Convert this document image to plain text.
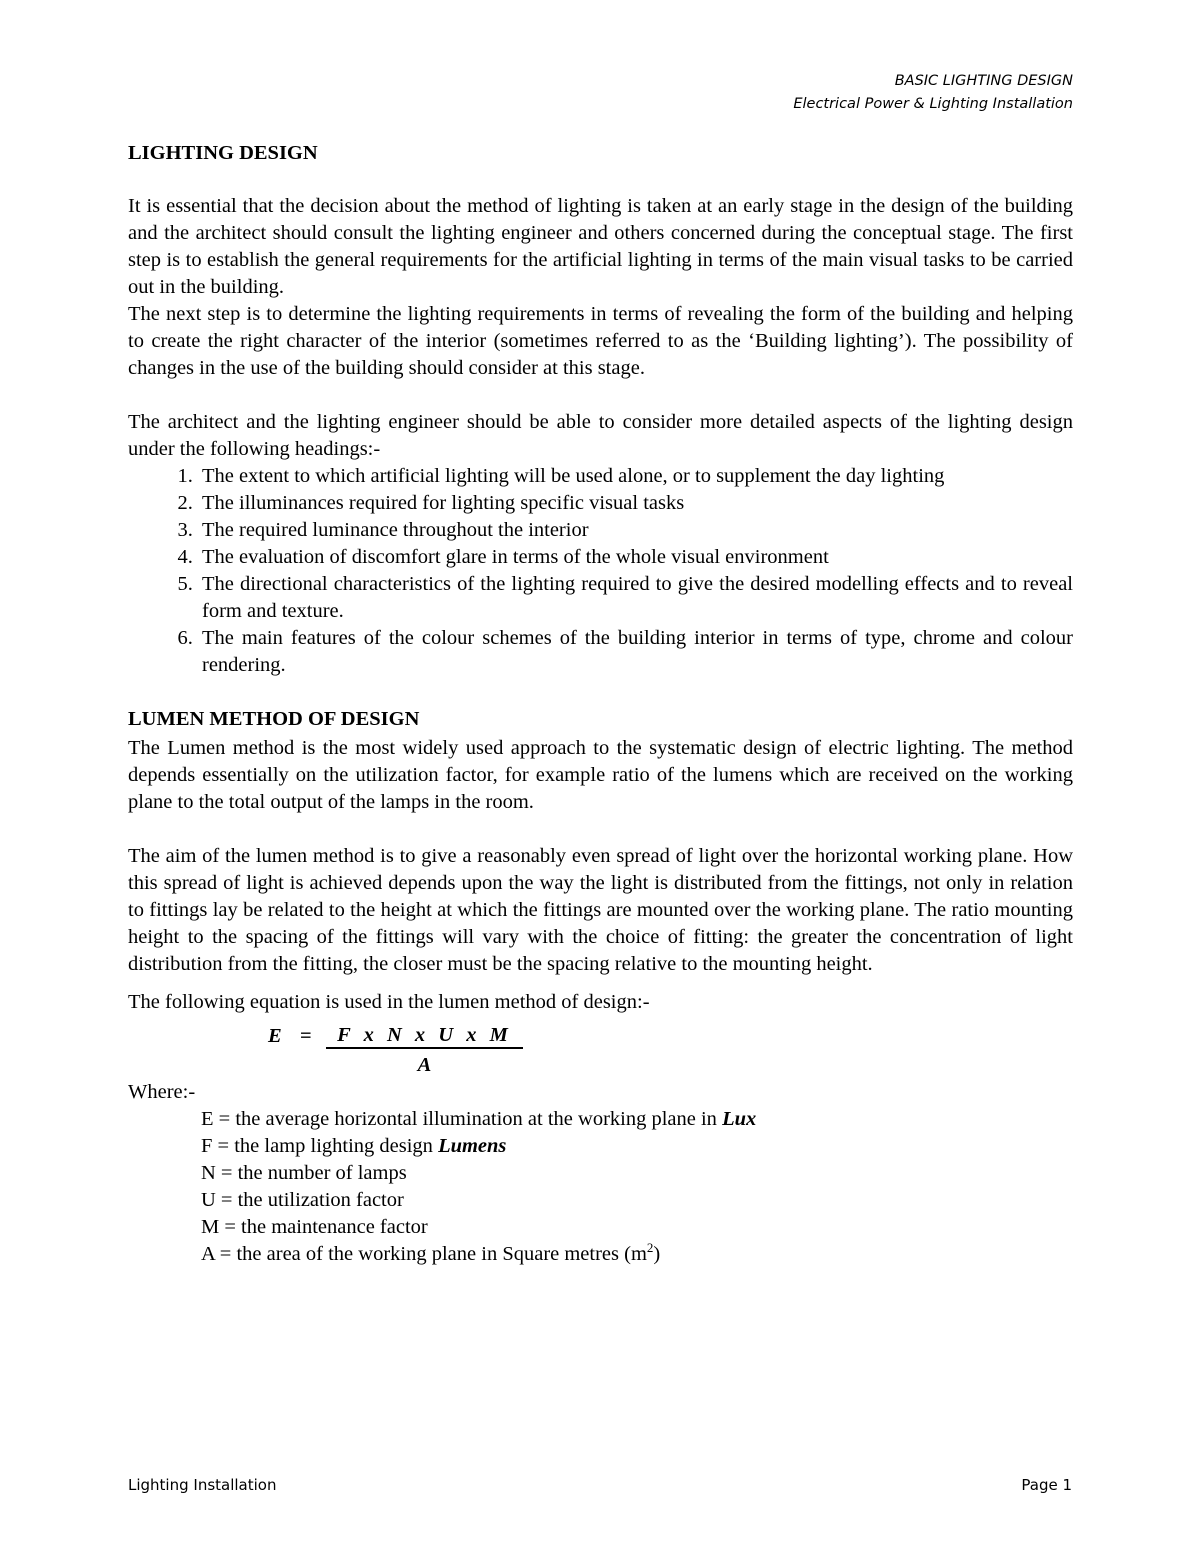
BASIC LIGHTING DESIGN
Electrical Power & Lighting Installation
LIGHTING DESIGN

It is essential that the decision about the method of lighting is taken at an early stage in the design of the building and the architect should consult the lighting engineer and others concerned during the conceptual stage. The first step is to establish the general requirements for the artificial lighting in terms of the main visual tasks to be carried out in the building.

The next step is to determine the lighting requirements in terms of revealing the form of the building and helping to create the right character of the interior (sometimes referred to as the ‘Building lighting’). The possibility of changes in the use of the building should consider at this stage.

The architect and the lighting engineer should be able to consider more detailed aspects of the lighting design under the following headings:-

1. The extent to which artificial lighting will be used alone, or to supplement the day lighting
2. The illuminances required for lighting specific visual tasks
3. The required luminance throughout the interior
4. The evaluation of discomfort glare in terms of the whole visual environment
5. The directional characteristics of the lighting required to give the desired modelling effects and to reveal form and texture.
6. The main features of the colour schemes of the building interior in terms of type, chrome and colour rendering.
LUMEN METHOD OF DESIGN

The Lumen method is the most widely used approach to the systematic design of electric lighting. The method depends essentially on the utilization factor, for example ratio of the lumens which are received on the working plane to the total output of the lamps in the room.

The aim of the lumen method is to give a reasonably even spread of light over the horizontal working plane. How this spread of light is achieved depends upon the way the light is distributed from the fittings, not only in relation to fittings lay be related to the height at which the fittings are mounted over the working plane. The ratio mounting height to the spacing of the fittings will vary with the choice of fitting: the greater the concentration of light distribution from the fitting, the closer must be the spacing relative to the mounting height.

The following equation is used in the lumen method of design:-

E =	F x N x U x M
A
Where:-
E = the average horizontal illumination at the working plane in Lux
F = the lamp lighting design Lumens
N = the number of lamps
U = the utilization factor
M = the maintenance factor
A = the area of the working plane in Square metres $(m^2)$
Lighting Installation	Page 1
